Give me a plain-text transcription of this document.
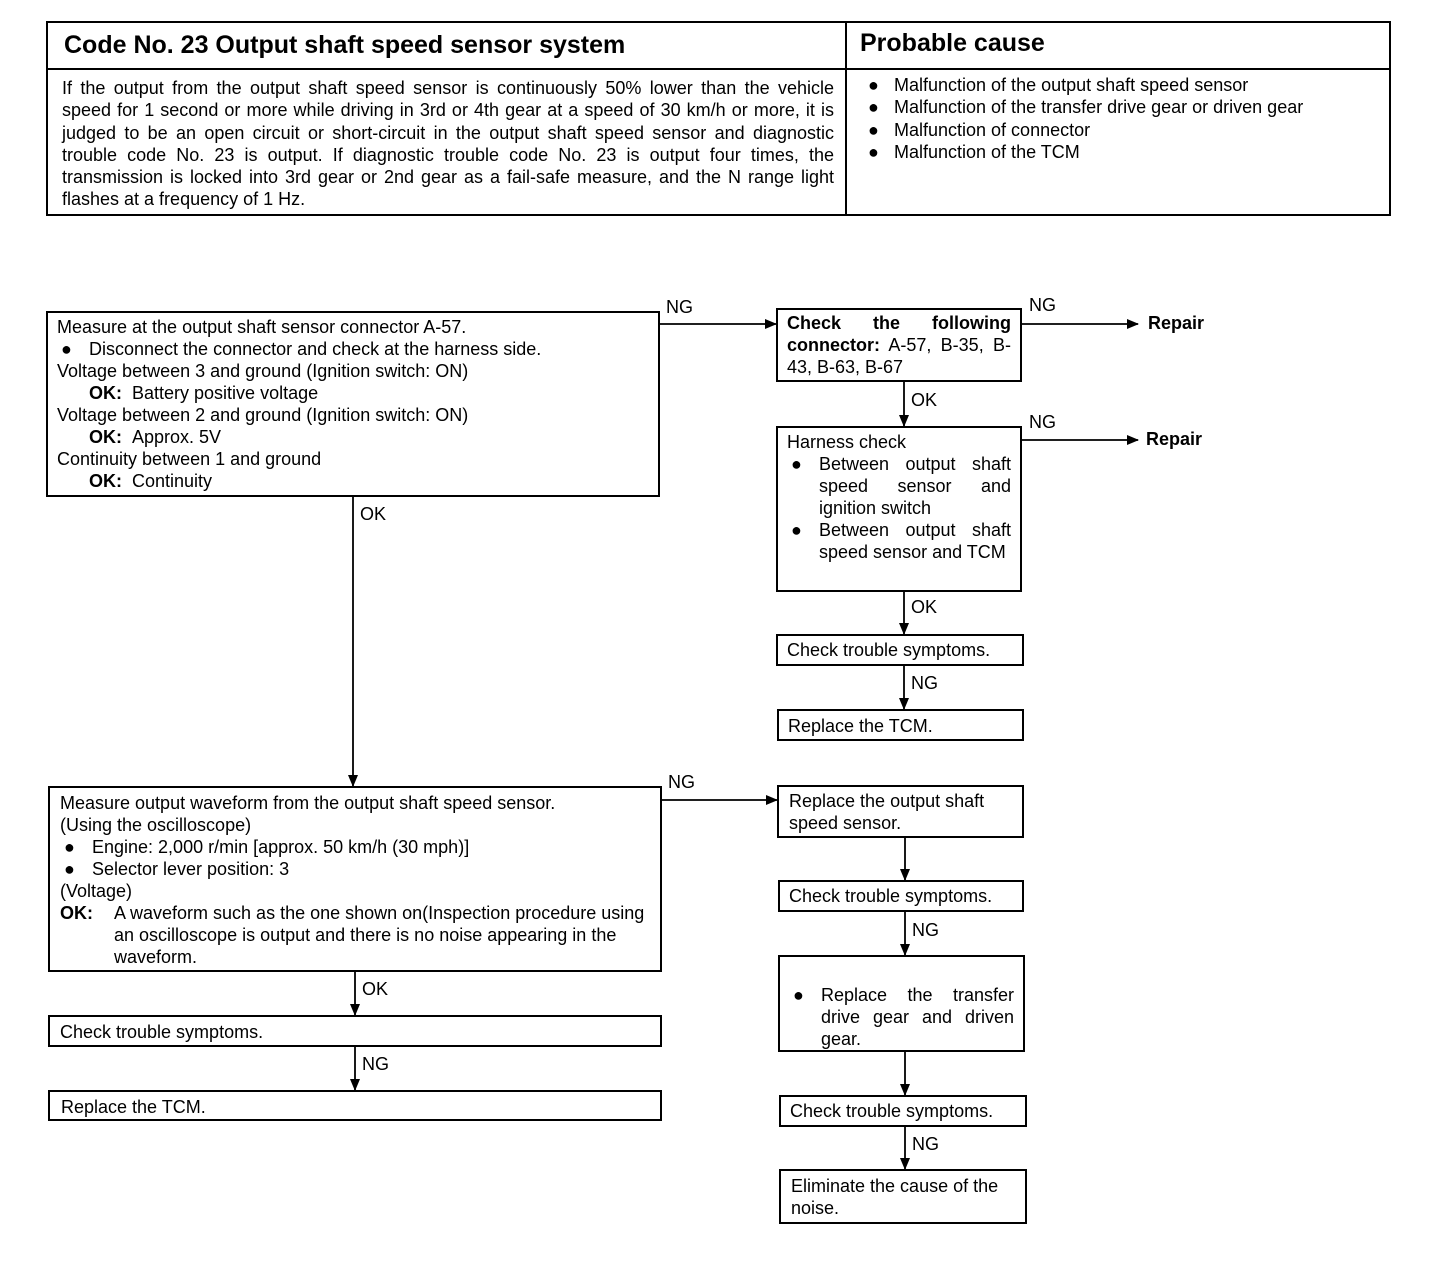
Code No. 23 Output shaft speed sensor system	Probable cause
If the output from the output shaft speed sensor is continuously 50% lower than the vehicle speed for 1 second or more while driving in 3rd or 4th gear at a speed of 30 km/h or more, it is judged to be an open circuit or short-circuit in the output shaft speed sensor and diagnostic trouble code No. 23 is output. If diagnostic trouble code No. 23 is output four times, the transmission is locked into 3rd gear or 2nd gear as a fail-safe measure, and the N range light flashes at a frequency of 1 Hz.
● Malfunction of the output shaft speed sensor
● Malfunction of the transfer drive gear or driven gear
● Malfunction of connector
● Malfunction of the TCM
NG	NG
NG
OK
OK
NG
OK
NG
NG
NG
OK
NG
Repair
Repair
Measure at the output shaft sensor connector A-57.
● Disconnect the connector and check at the harness side.
Voltage between 3 and ground (Ignition switch: ON)
OK: Battery positive voltage
Voltage between 2 and ground (Ignition switch: ON)
OK: Approx. 5V
Continuity between 1 and ground
OK: Continuity
Check the following connector: A-57, B-35, B-43, B-63, B-67
Harness check
● Between output shaft speed sensor and ignition switch
● Between output shaft speed sensor and TCM
Check trouble symptoms.
Replace the TCM.
Measure output waveform from the output shaft speed sensor.
(Using the oscilloscope)
● Engine: 2,000 r/min [approx. 50 km/h (30 mph)]
● Selector lever position: 3
(Voltage)
OK: A waveform such as the one shown on(Inspection procedure using an oscilloscope is output and there is no noise appearing in the waveform.
Replace the output shaft speed sensor.
Check trouble symptoms.
● Replace the transfer drive gear and driven gear.
Check trouble symptoms.
Eliminate the cause of the noise.
Check trouble symptoms.
Replace the TCM.
